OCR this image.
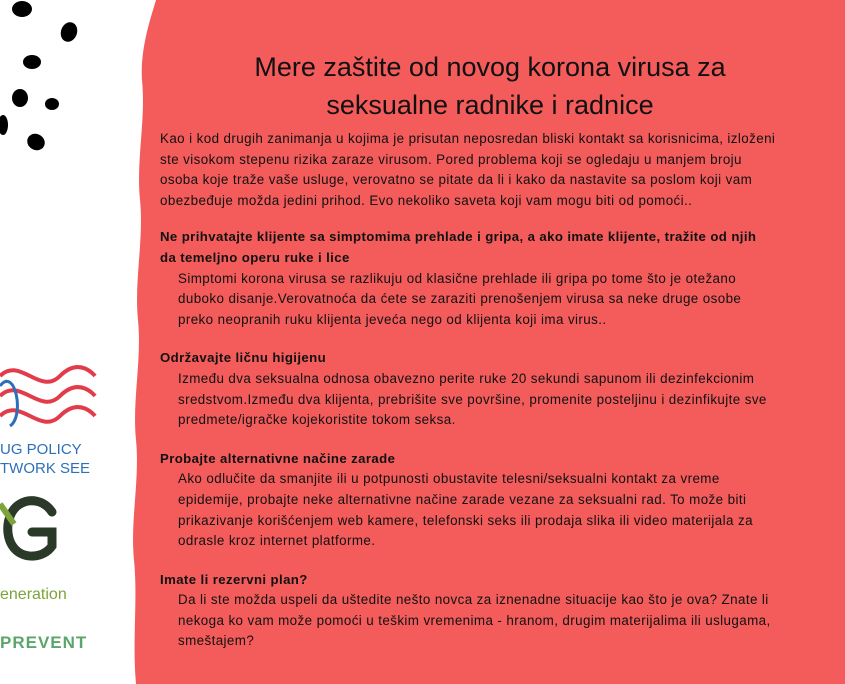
UG POLICY
TWORK SEE
eneration
PREVENT
Mere zaštite od novog korona virusa za
seksualne radnike i radnice

Kao i kod drugih zanimanja u kojima je prisutan neposredan bliski kontakt sa korisnicima, izloženi
ste visokom stepenu rizika zaraze virusom. Pored problema koji se ogledaju u manjem broju
osoba koje traže vaše usluge, verovatno se pitate da li i kako da nastavite sa poslom koji vam
obezbeđuje možda jedini prihod. Evo nekoliko saveta koji vam mogu biti od pomoći..

Ne prihvatajte klijente sa simptomima prehlade i gripa, a ako imate klijente, tražite od njih
da temeljno operu ruke i lice

Simptomi korona virusa se razlikuju od klasične prehlade ili gripa po tome što je otežano
duboko disanje.Verovatnoća da ćete se zaraziti prenošenjem virusa sa neke druge osobe
preko neopranih ruku klijenta jeveća nego od klijenta koji ima virus..

Održavajte ličnu higijenu

Između dva seksualna odnosa obavezno perite ruke 20 sekundi sapunom ili dezinfekcionim
sredstvom.Između dva klijenta, prebrišite sve površine, promenite posteljinu i dezinfikujte sve
predmete/igračke kojekoristite tokom seksa.

Probajte alternativne načine zarade

Ako odlučite da smanjite ili u potpunosti obustavite telesni/seksualni kontakt za vreme
epidemije, probajte neke alternativne načine zarade vezane za seksualni rad. To može biti
prikazivanje korišćenjem web kamere, telefonski seks ili prodaja slika ili video materijala za
odrasle kroz internet platforme.

Imate li rezervni plan?

Da li ste možda uspeli da uštedite nešto novca za iznenadne situacije kao što je ova? Znate li
nekoga ko vam može pomoći u teškim vremenima - hranom, drugim materijalima ili uslugama,
smeštajem?
